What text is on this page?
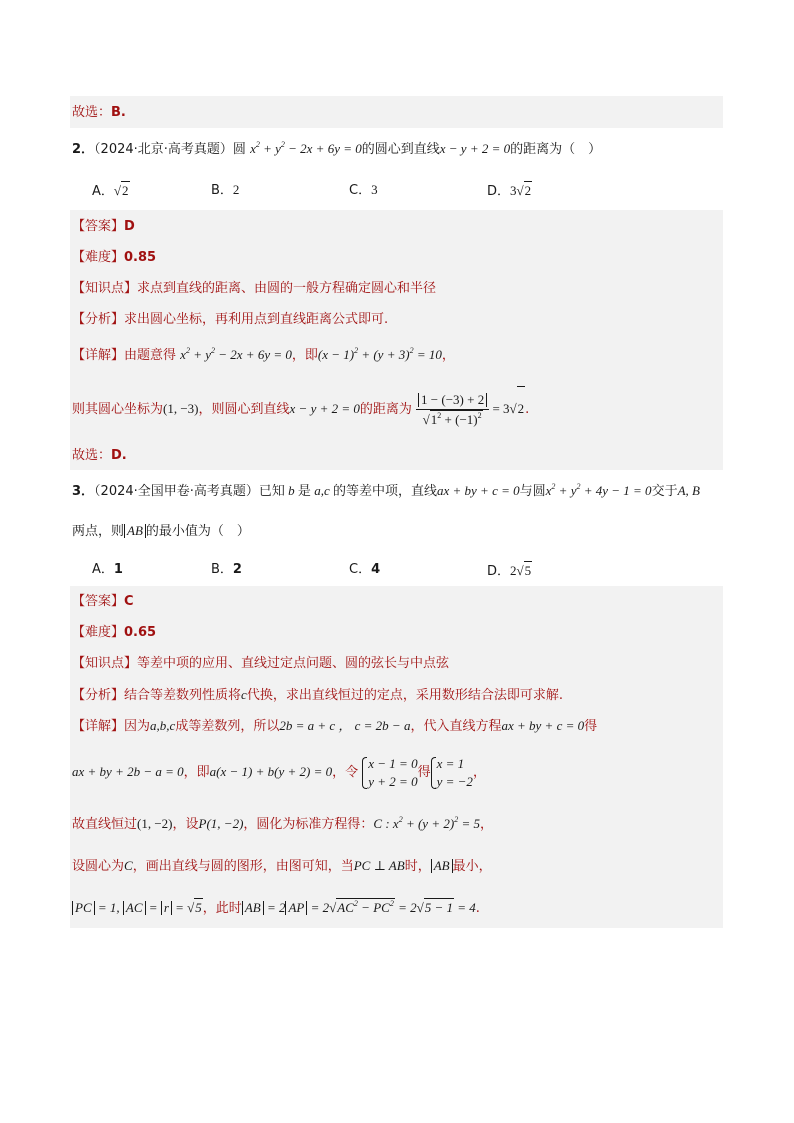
故选：B.
2．（2024·北京·高考真题）圆 $x^2 + y^2 - 2x + 6y = 0$的圆心到直线x − y + 2 = 0的距离为（　）
A．√2	B．2	C．3	D．3√2
【答案】D
【难度】0.85
【知识点】求点到直线的距离、由圆的一般方程确定圆心和半径
【分析】求出圆心坐标，再利用点到直线距离公式即可.
【详解】由题意得 $x^2 + y^2 - 2x + 6y = 0$，即$(x - 1)^2 + (y + 3)^2 = 10$，
则其圆心坐标为(1, −3)，则圆心到直线x − y + 2 = 0的距离为 $\frac{1 - (-3) + 2}{√1^2 + (-1)^2} = 3√2$.
故选：D.
3．（2024·全国甲卷·高考真题）已知 b 是 a,c 的等差中项，直线ax + by + c = 0与圆$x^2 + y^2 + 4y - 1 = 0$交于A, B
两点，则 AB 的最小值为（　）
A．1	B．2	C．4	D．2√5
【答案】C
【难度】0.65
【知识点】等差中项的应用、直线过定点问题、圆的弦长与中点弦
【分析】结合等差数列性质将c代换，求出直线恒过的定点，采用数形结合法即可求解.
【详解】因为a,b,c成等差数列，所以2b = a + c ， c = 2b − a，代入直线方程ax + by + c = 0得
ax + by + 2b − a = 0，即a(x − 1) + b(y + 2) = 0，令
x − 1 = 0
y + 2 = 0
得
x = 1
y = −2
，
故直线恒过(1, −2)，设P(1, −2)，圆化为标准方程得：C : $x^2 + (y + 2)^2 = 5$，
设圆心为C，画出直线与圆的图形，由图可知，当PC ⊥ AB时， AB 最小，
PC = 1, AC = r = √5，此时 AB = 2 AP = $2√AC^2 - PC^2 = 2√5 - 1 = 4$.
